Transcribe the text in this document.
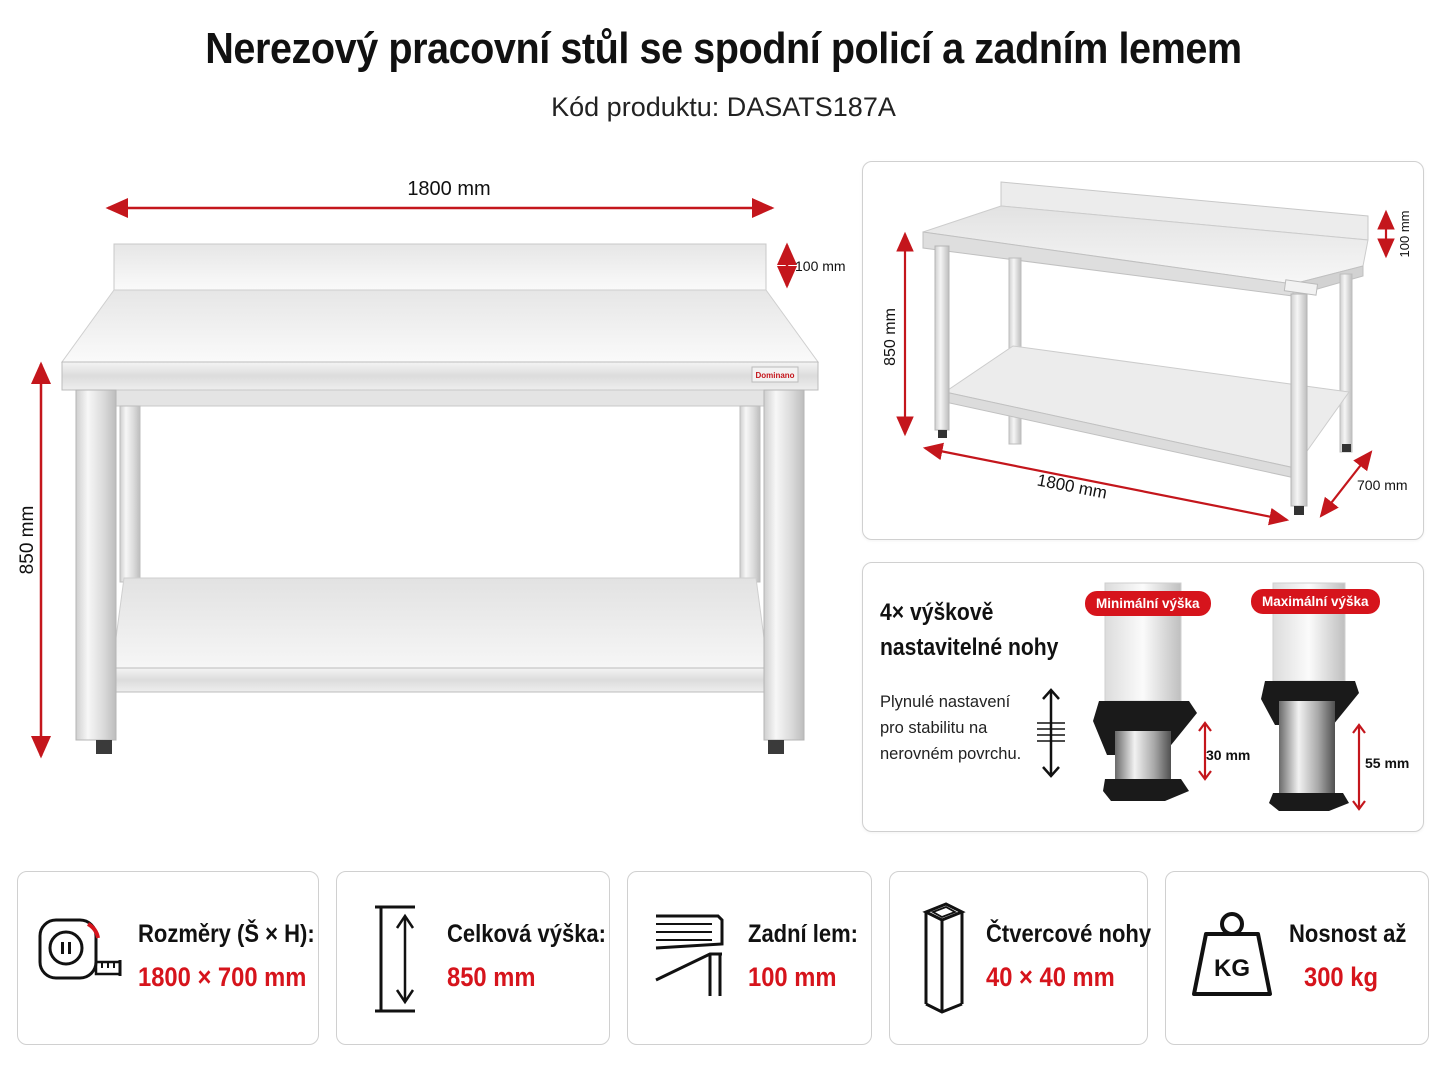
Nerezový pracovní stůl se spodní policí a zadním lemem
Kód produktu: DASATS187A
1800 mm
100 mm
850 mm
Dominano
850 mm
1800 mm	700 mm
100 mm
4× výškově
nastavitelné nohy
Plynulé nastavení
pro stabilitu na
nerovném povrchu.
Minimální výška
30 mm
Maximální výška
55 mm
Rozměry (Š × H):
1800 × 700 mm
Celková výška:
850 mm
Zadní lem:
100 mm
Čtvercové nohy
40 × 40 mm	KG
Nosnost až
300 kg
